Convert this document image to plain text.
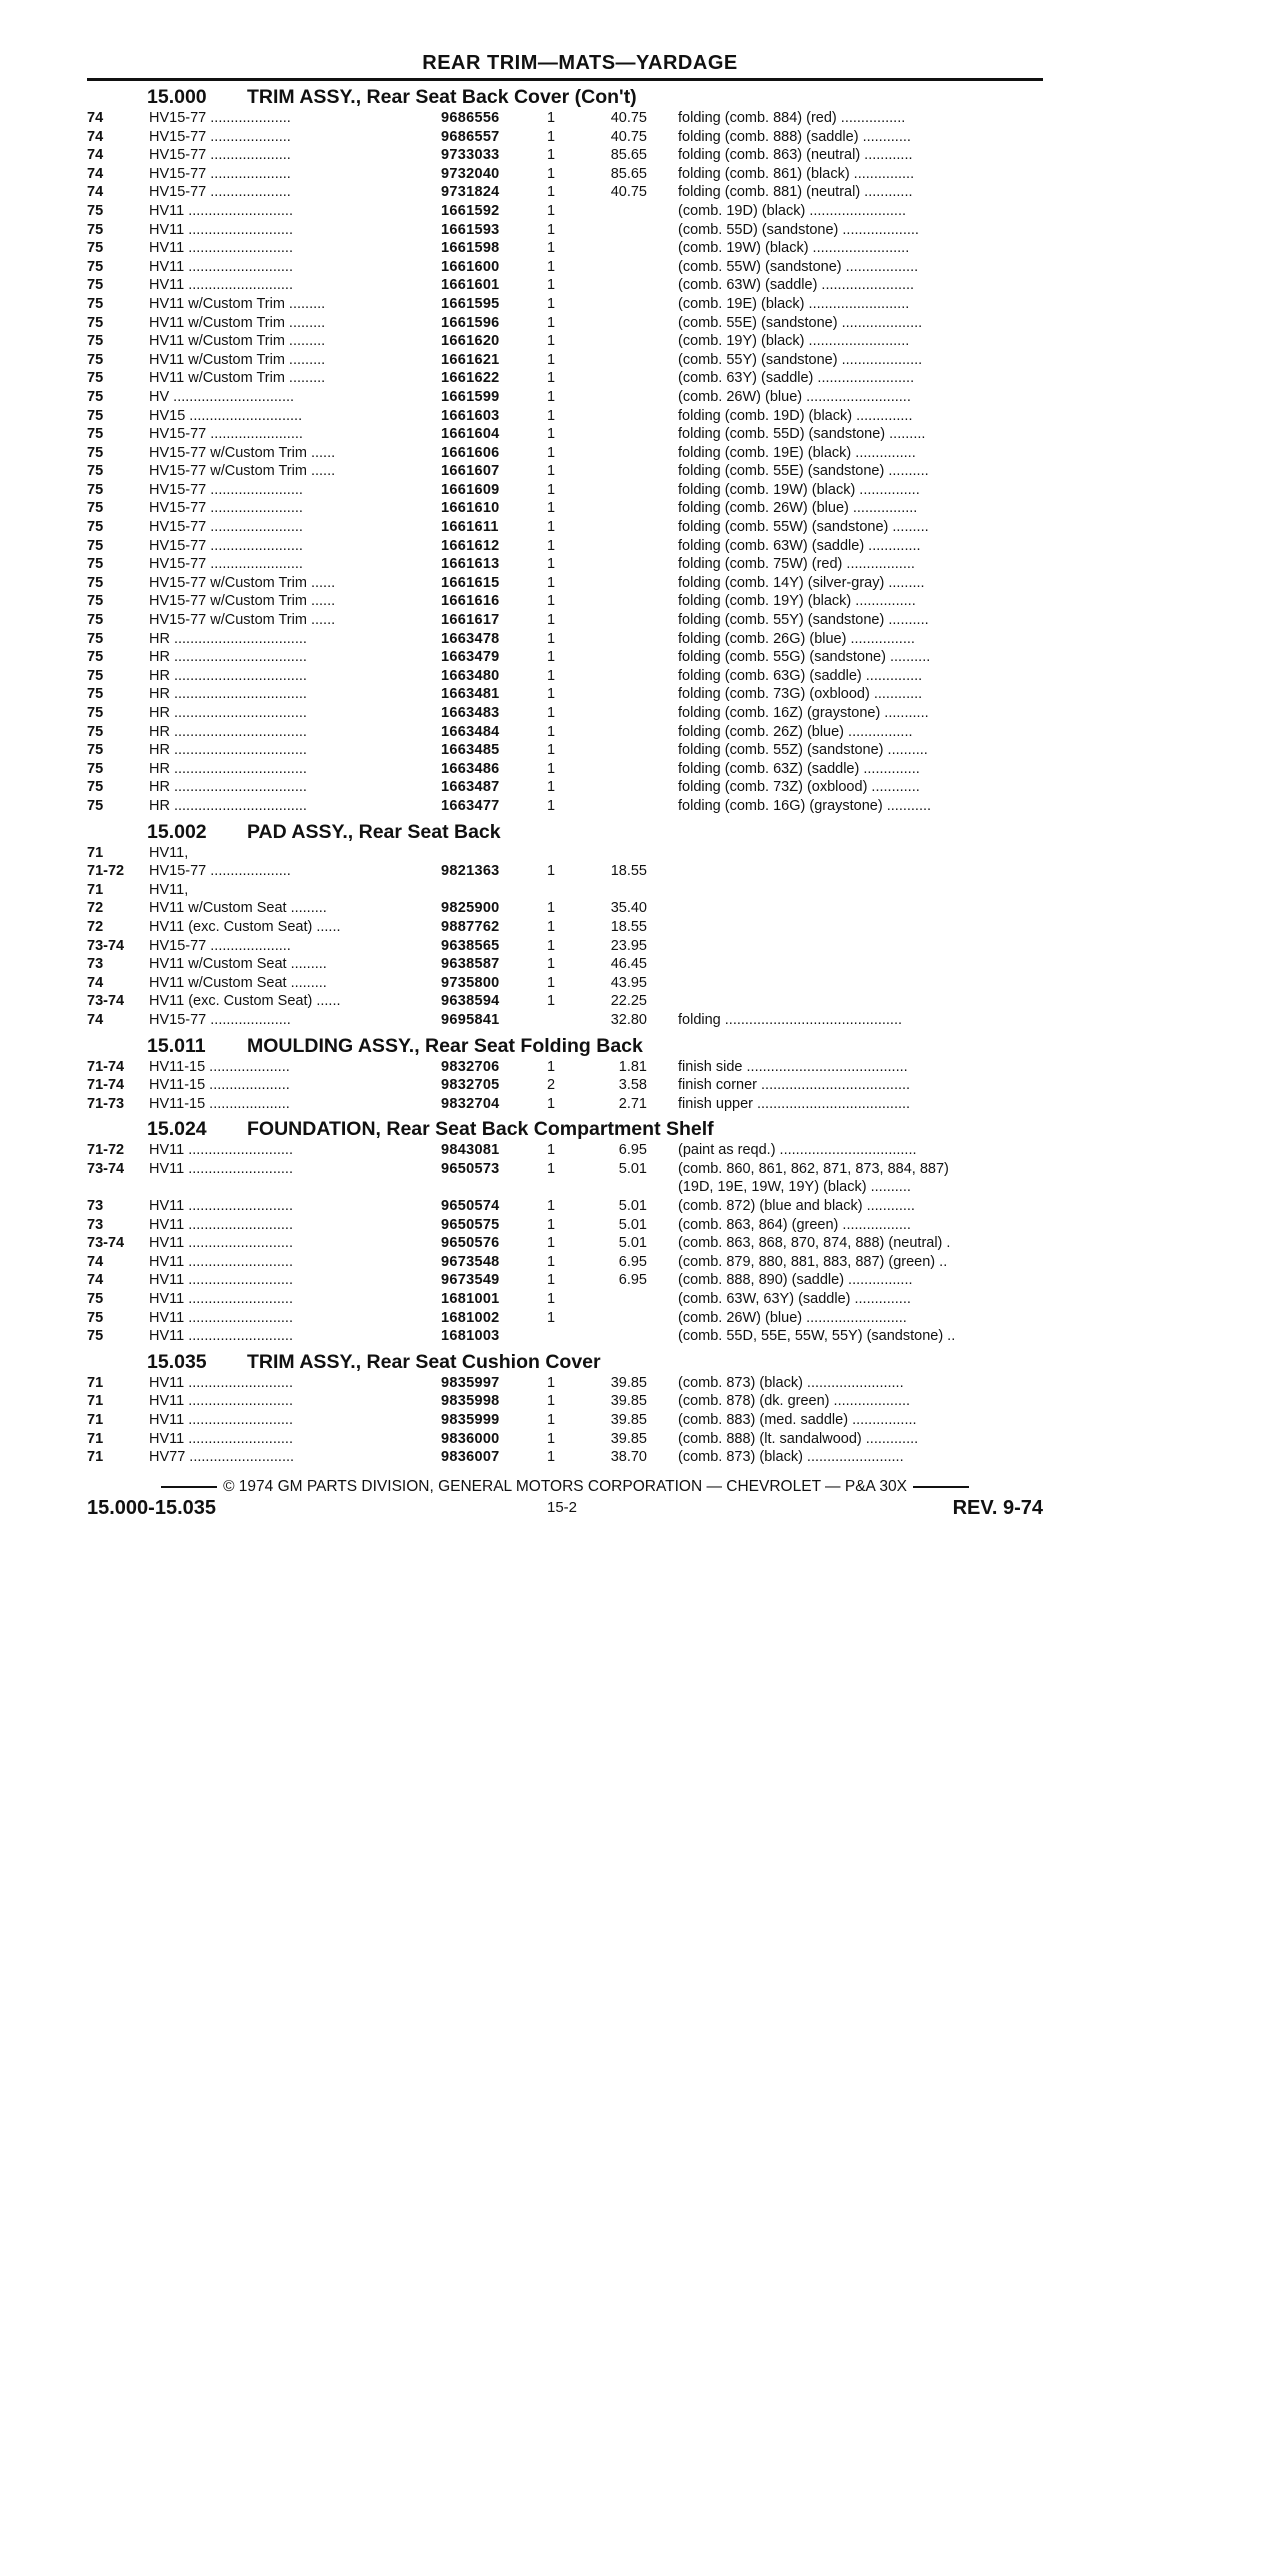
REAR TRIM—MATS—YARDAGE
15.000 TRIM ASSY., Rear Seat Back Cover (Con't)
74	HV15-77 ....................	9686556	1	40.75 folding (comb. 884) (red) ................
74	HV15-77 ....................	9686557	1	40.75 folding (comb. 888) (saddle) ............
74	HV15-77 ....................	9733033	1	85.65 folding (comb. 863) (neutral) ............
74	HV15-77 ....................	9732040	1	85.65 folding (comb. 861) (black) ...............
74	HV15-77 ....................	9731824	1	40.75 folding (comb. 881) (neutral) ............
75	HV11 ..........................	1661592	1	(comb. 19D) (black) ........................
75	HV11 ..........................	1661593	1	(comb. 55D) (sandstone) ...................
75	HV11 ..........................	1661598	1	(comb. 19W) (black) ........................
75	HV11 ..........................	1661600	1	(comb. 55W) (sandstone) ..................
75	HV11 ..........................	1661601	1	(comb. 63W) (saddle) .......................
75	HV11 w/Custom Trim .........	1661595	1	(comb. 19E) (black) .........................
75	HV11 w/Custom Trim .........	1661596	1	(comb. 55E) (sandstone) ....................
75	HV11 w/Custom Trim .........	1661620	1	(comb. 19Y) (black) .........................
75	HV11 w/Custom Trim .........	1661621	1	(comb. 55Y) (sandstone) ....................
75	HV11 w/Custom Trim .........	1661622	1	(comb. 63Y) (saddle) ........................
75	HV ..............................	1661599	1	(comb. 26W) (blue) ..........................
75	HV15 ............................	1661603	1	folding (comb. 19D) (black) ..............
75	HV15-77 .......................	1661604	1	folding (comb. 55D) (sandstone) .........
75	HV15-77 w/Custom Trim ......	1661606	1	folding (comb. 19E) (black) ...............
75	HV15-77 w/Custom Trim ......	1661607	1	folding (comb. 55E) (sandstone) ..........
75	HV15-77 .......................	1661609	1	folding (comb. 19W) (black) ...............
75	HV15-77 .......................	1661610	1	folding (comb. 26W) (blue) ................
75	HV15-77 .......................	1661611	1	folding (comb. 55W) (sandstone) .........
75	HV15-77 .......................	1661612	1	folding (comb. 63W) (saddle) .............
75	HV15-77 .......................	1661613	1	folding (comb. 75W) (red) .................
75	HV15-77 w/Custom Trim ......	1661615	1	folding (comb. 14Y) (silver-gray) .........
75	HV15-77 w/Custom Trim ......	1661616	1	folding (comb. 19Y) (black) ...............
75	HV15-77 w/Custom Trim ......	1661617	1	folding (comb. 55Y) (sandstone) ..........
75	HR .................................	1663478	1	folding (comb. 26G) (blue) ................
75	HR .................................	1663479	1	folding (comb. 55G) (sandstone) ..........
75	HR .................................	1663480	1	folding (comb. 63G) (saddle) ..............
75	HR .................................	1663481	1	folding (comb. 73G) (oxblood) ............
75	HR .................................	1663483	1	folding (comb. 16Z) (graystone) ...........
75	HR .................................	1663484	1	folding (comb. 26Z) (blue) ................
75	HR .................................	1663485	1	folding (comb. 55Z) (sandstone) ..........
75	HR .................................	1663486	1	folding (comb. 63Z) (saddle) ..............
75	HR .................................	1663487	1	folding (comb. 73Z) (oxblood) ............
75	HR .................................	1663477	1	folding (comb. 16G) (graystone) ...........
15.002 PAD ASSY., Rear Seat Back
71	HV11,
71-72 HV15-77 ....................	9821363	1	18.55
71	HV11,
72	HV11 w/Custom Seat .........	9825900	1	35.40
72	HV11 (exc. Custom Seat) ......	9887762	1	18.55
73-74 HV15-77 ....................	9638565	1	23.95
73	HV11 w/Custom Seat .........	9638587	1	46.45
74	HV11 w/Custom Seat .........	9735800	1	43.95
73-74 HV11 (exc. Custom Seat) ......	9638594	1	22.25
74	HV15-77 ....................	9695841	32.80 folding ............................................
15.011 MOULDING ASSY., Rear Seat Folding Back
71-74 HV11-15 ....................	9832706	1	1.81 finish side ........................................
71-74 HV11-15 ....................	9832705	2	3.58 finish corner .....................................
71-73 HV11-15 ....................	9832704	1	2.71 finish upper ......................................
15.024 FOUNDATION, Rear Seat Back Compartment Shelf
71-72 HV11 ..........................	9843081	1	6.95 (paint as reqd.) ..................................
73-74 HV11 ..........................	9650573	1	5.01 (comb. 860, 861, 862, 871, 873, 884, 887)
(19D, 19E, 19W, 19Y) (black) ..........
73	HV11 ..........................	9650574	1	5.01 (comb. 872) (blue and black) ............
73	HV11 ..........................	9650575	1	5.01 (comb. 863, 864) (green) .................
73-74 HV11 ..........................	9650576	1	5.01 (comb. 863, 868, 870, 874, 888) (neutral) .
74	HV11 ..........................	9673548	1	6.95 (comb. 879, 880, 881, 883, 887) (green) ..
74	HV11 ..........................	9673549	1	6.95 (comb. 888, 890) (saddle) ................
75	HV11 ..........................	1681001	1	(comb. 63W, 63Y) (saddle) ..............
75	HV11 ..........................	1681002	1	(comb. 26W) (blue) .........................
75	HV11 ..........................	1681003	(comb. 55D, 55E, 55W, 55Y) (sandstone) ..
15.035 TRIM ASSY., Rear Seat Cushion Cover
71	HV11 ..........................	9835997	1	39.85 (comb. 873) (black) ........................
71	HV11 ..........................	9835998	1	39.85 (comb. 878) (dk. green) ...................
71	HV11 ..........................	9835999	1	39.85 (comb. 883) (med. saddle) ................
71	HV11 ..........................	9836000	1	39.85 (comb. 888) (lt. sandalwood) .............
71	HV77 ..........................	9836007	1	38.70 (comb. 873) (black) ........................
© 1974 GM PARTS DIVISION, GENERAL MOTORS CORPORATION — CHEVROLET — P&A 30X
15.000-15.035	15-2	REV. 9-74
